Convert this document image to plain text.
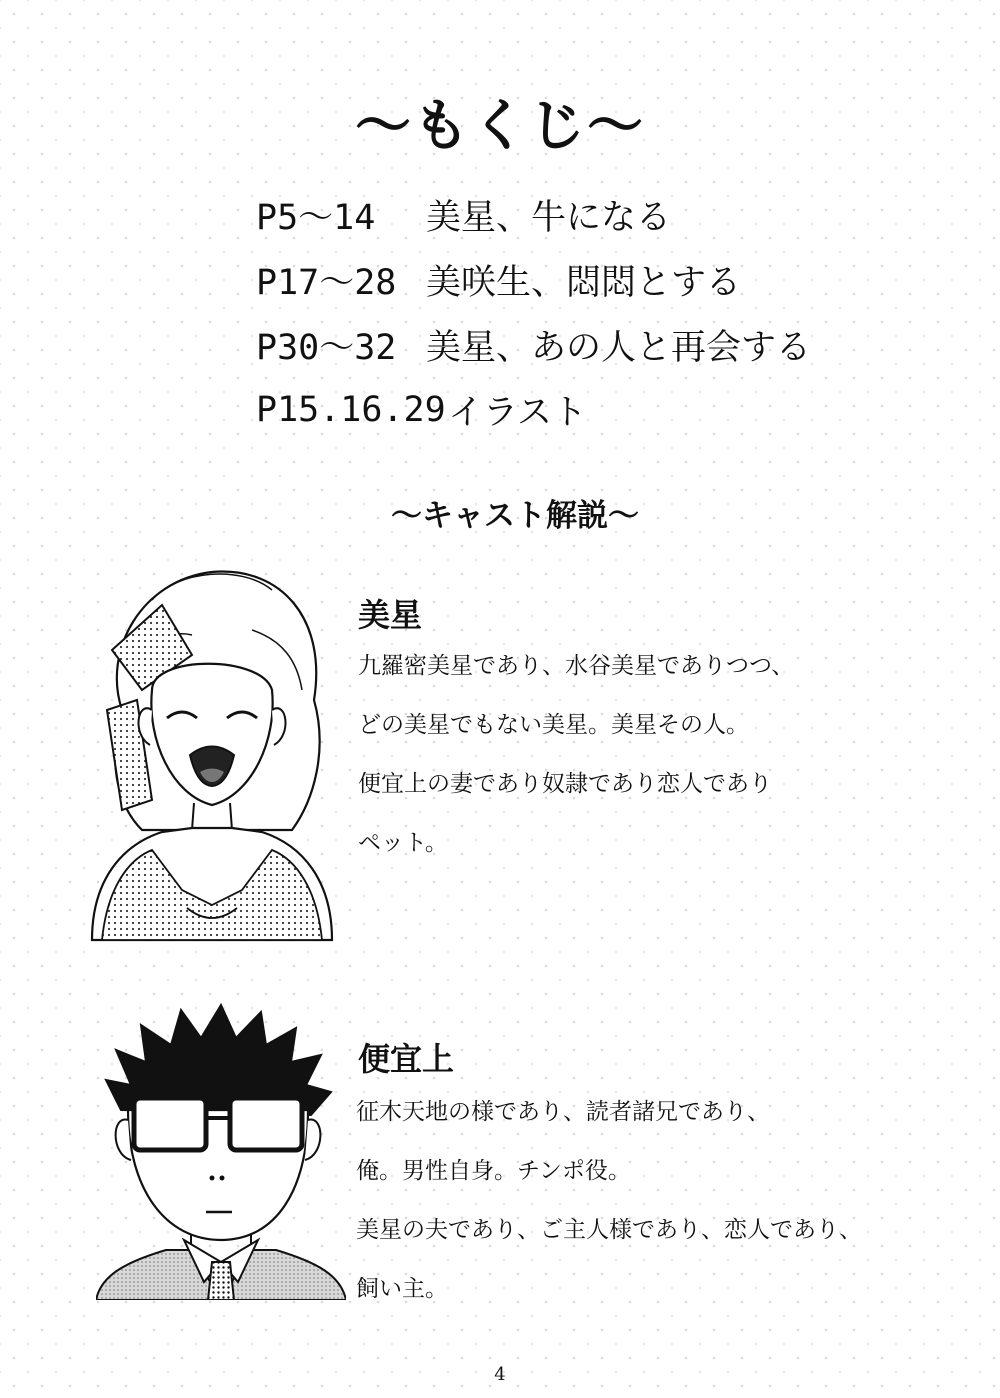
～もくじ～
P5～14	美星、牛になる
P17～28 美咲生、悶悶とする
P30～32 美星、あの人と再会する
P15.16.29 イラスト
～キャスト解説～
美星
九羅密美星であり、水谷美星でありつつ、
どの美星でもない美星。美星その人。
便宜上の妻であり奴隷であり恋人であり
ペット。
便宜上
征木天地の様であり、読者諸兄であり、
俺。男性自身。チンポ役。
美星の夫であり、ご主人様であり、恋人であり、
飼い主。
4
